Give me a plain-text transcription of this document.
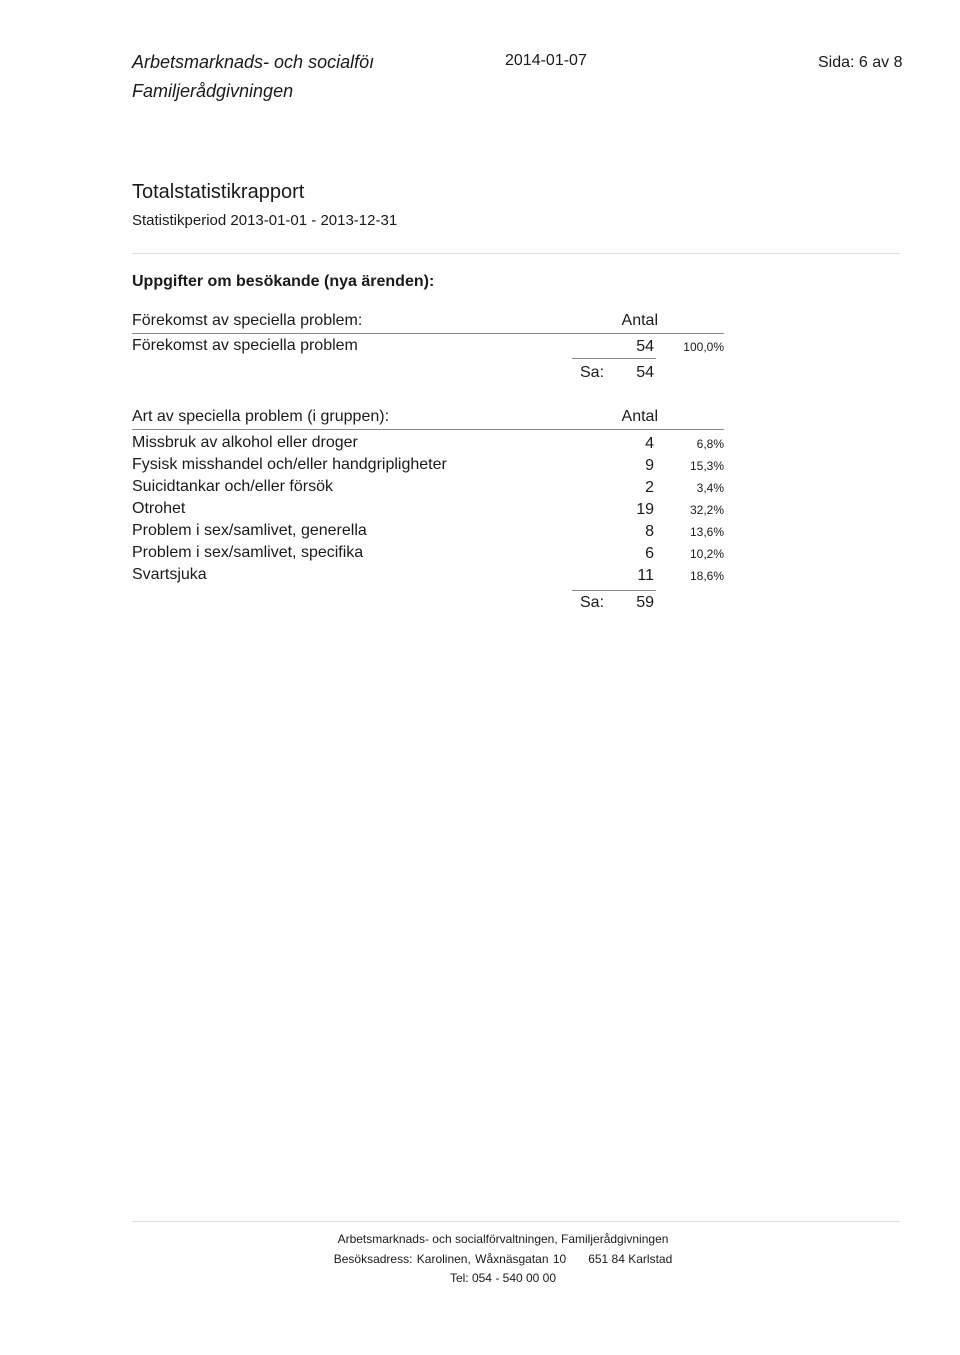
Arbetsmarknads- och socialföı
Familjerådgivningen
2014-01-07	Sida: 6 av 8
Totalstatistikrapport
Statistikperiod 2013-01-01 - 2013-12-31
Uppgifter om besökande (nya ärenden):
Förekomst av speciella problem:	Antal
Förekomst av speciella problem	54	100,0%
Sa:	54
Art av speciella problem (i gruppen):	Antal
Missbruk av alkohol eller droger	4	6,8%
Fysisk misshandel och/eller handgripligheter	9	15,3%
Suicidtankar och/eller försök	2	3,4%
Otrohet	19	32,2%
Problem i sex/samlivet, generella	8	13,6%
Problem i sex/samlivet, specifika	6	10,2%
Svartsjuka	11	18,6%
Sa:	59
Arbetsmarknads- och socialförvaltningen, Familjerådgivningen
Besöksadress: Karolinen, Wåxnäsgatan 10 651 84 Karlstad
Tel: 054 - 540 00 00
